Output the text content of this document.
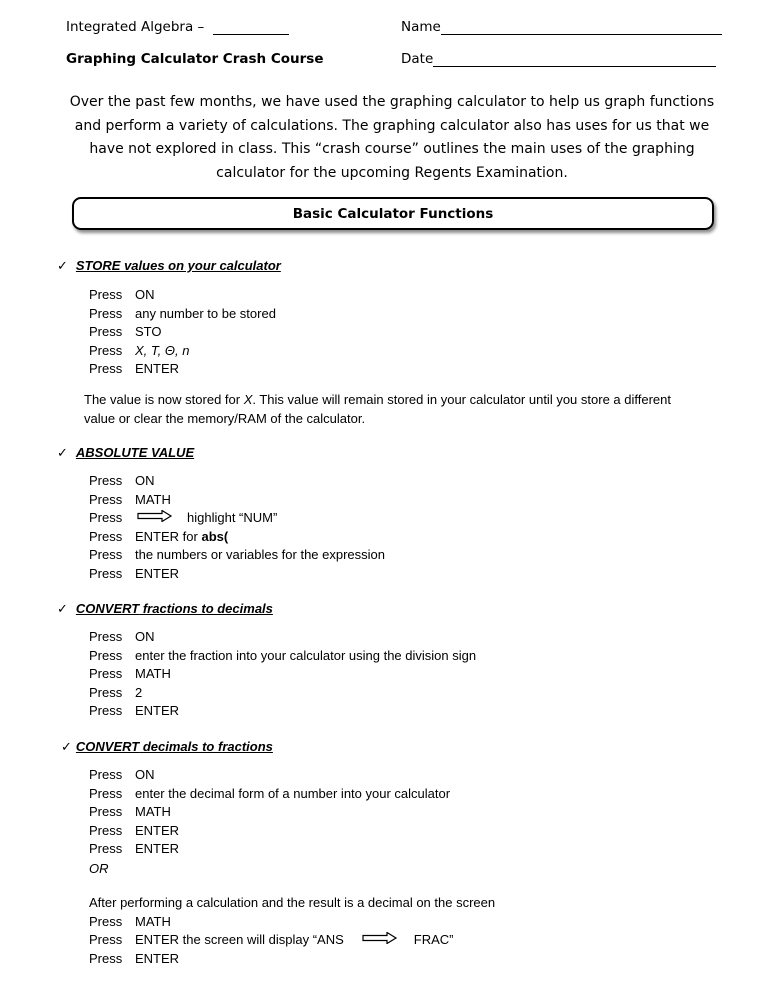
Integrated Algebra –	Name
Graphing Calculator Crash Course	Date
Over the past few months, we have used the graphing calculator to help us graph functions and perform a variety of calculations. The graphing calculator also has uses for us that we have not explored in class. This “crash course” outlines the main uses of the graphing calculator for the upcoming Regents Examination.
Basic Calculator Functions
✓ STORE values on your calculator
Press ON
Press any number to be stored
Press STO
Press X, T, Θ, n
Press ENTER
The value is now stored for X. This value will remain stored in your calculator until you store a different value or clear the memory/RAM of the calculator.
✓ ABSOLUTE VALUE
Press ON
Press MATH
Press	highlight “NUM”
Press ENTER for abs(
Press the numbers or variables for the expression
Press ENTER
✓ CONVERT fractions to decimals
Press ON
Press enter the fraction into your calculator using the division sign
Press MATH
Press 2
Press ENTER
✓ CONVERT decimals to fractions
Press ON
Press enter the decimal form of a number into your calculator
Press MATH
Press ENTER
Press ENTER
OR
After performing a calculation and the result is a decimal on the screen
Press MATH
Press ENTER the screen will display “ANS	FRAC”
Press ENTER
